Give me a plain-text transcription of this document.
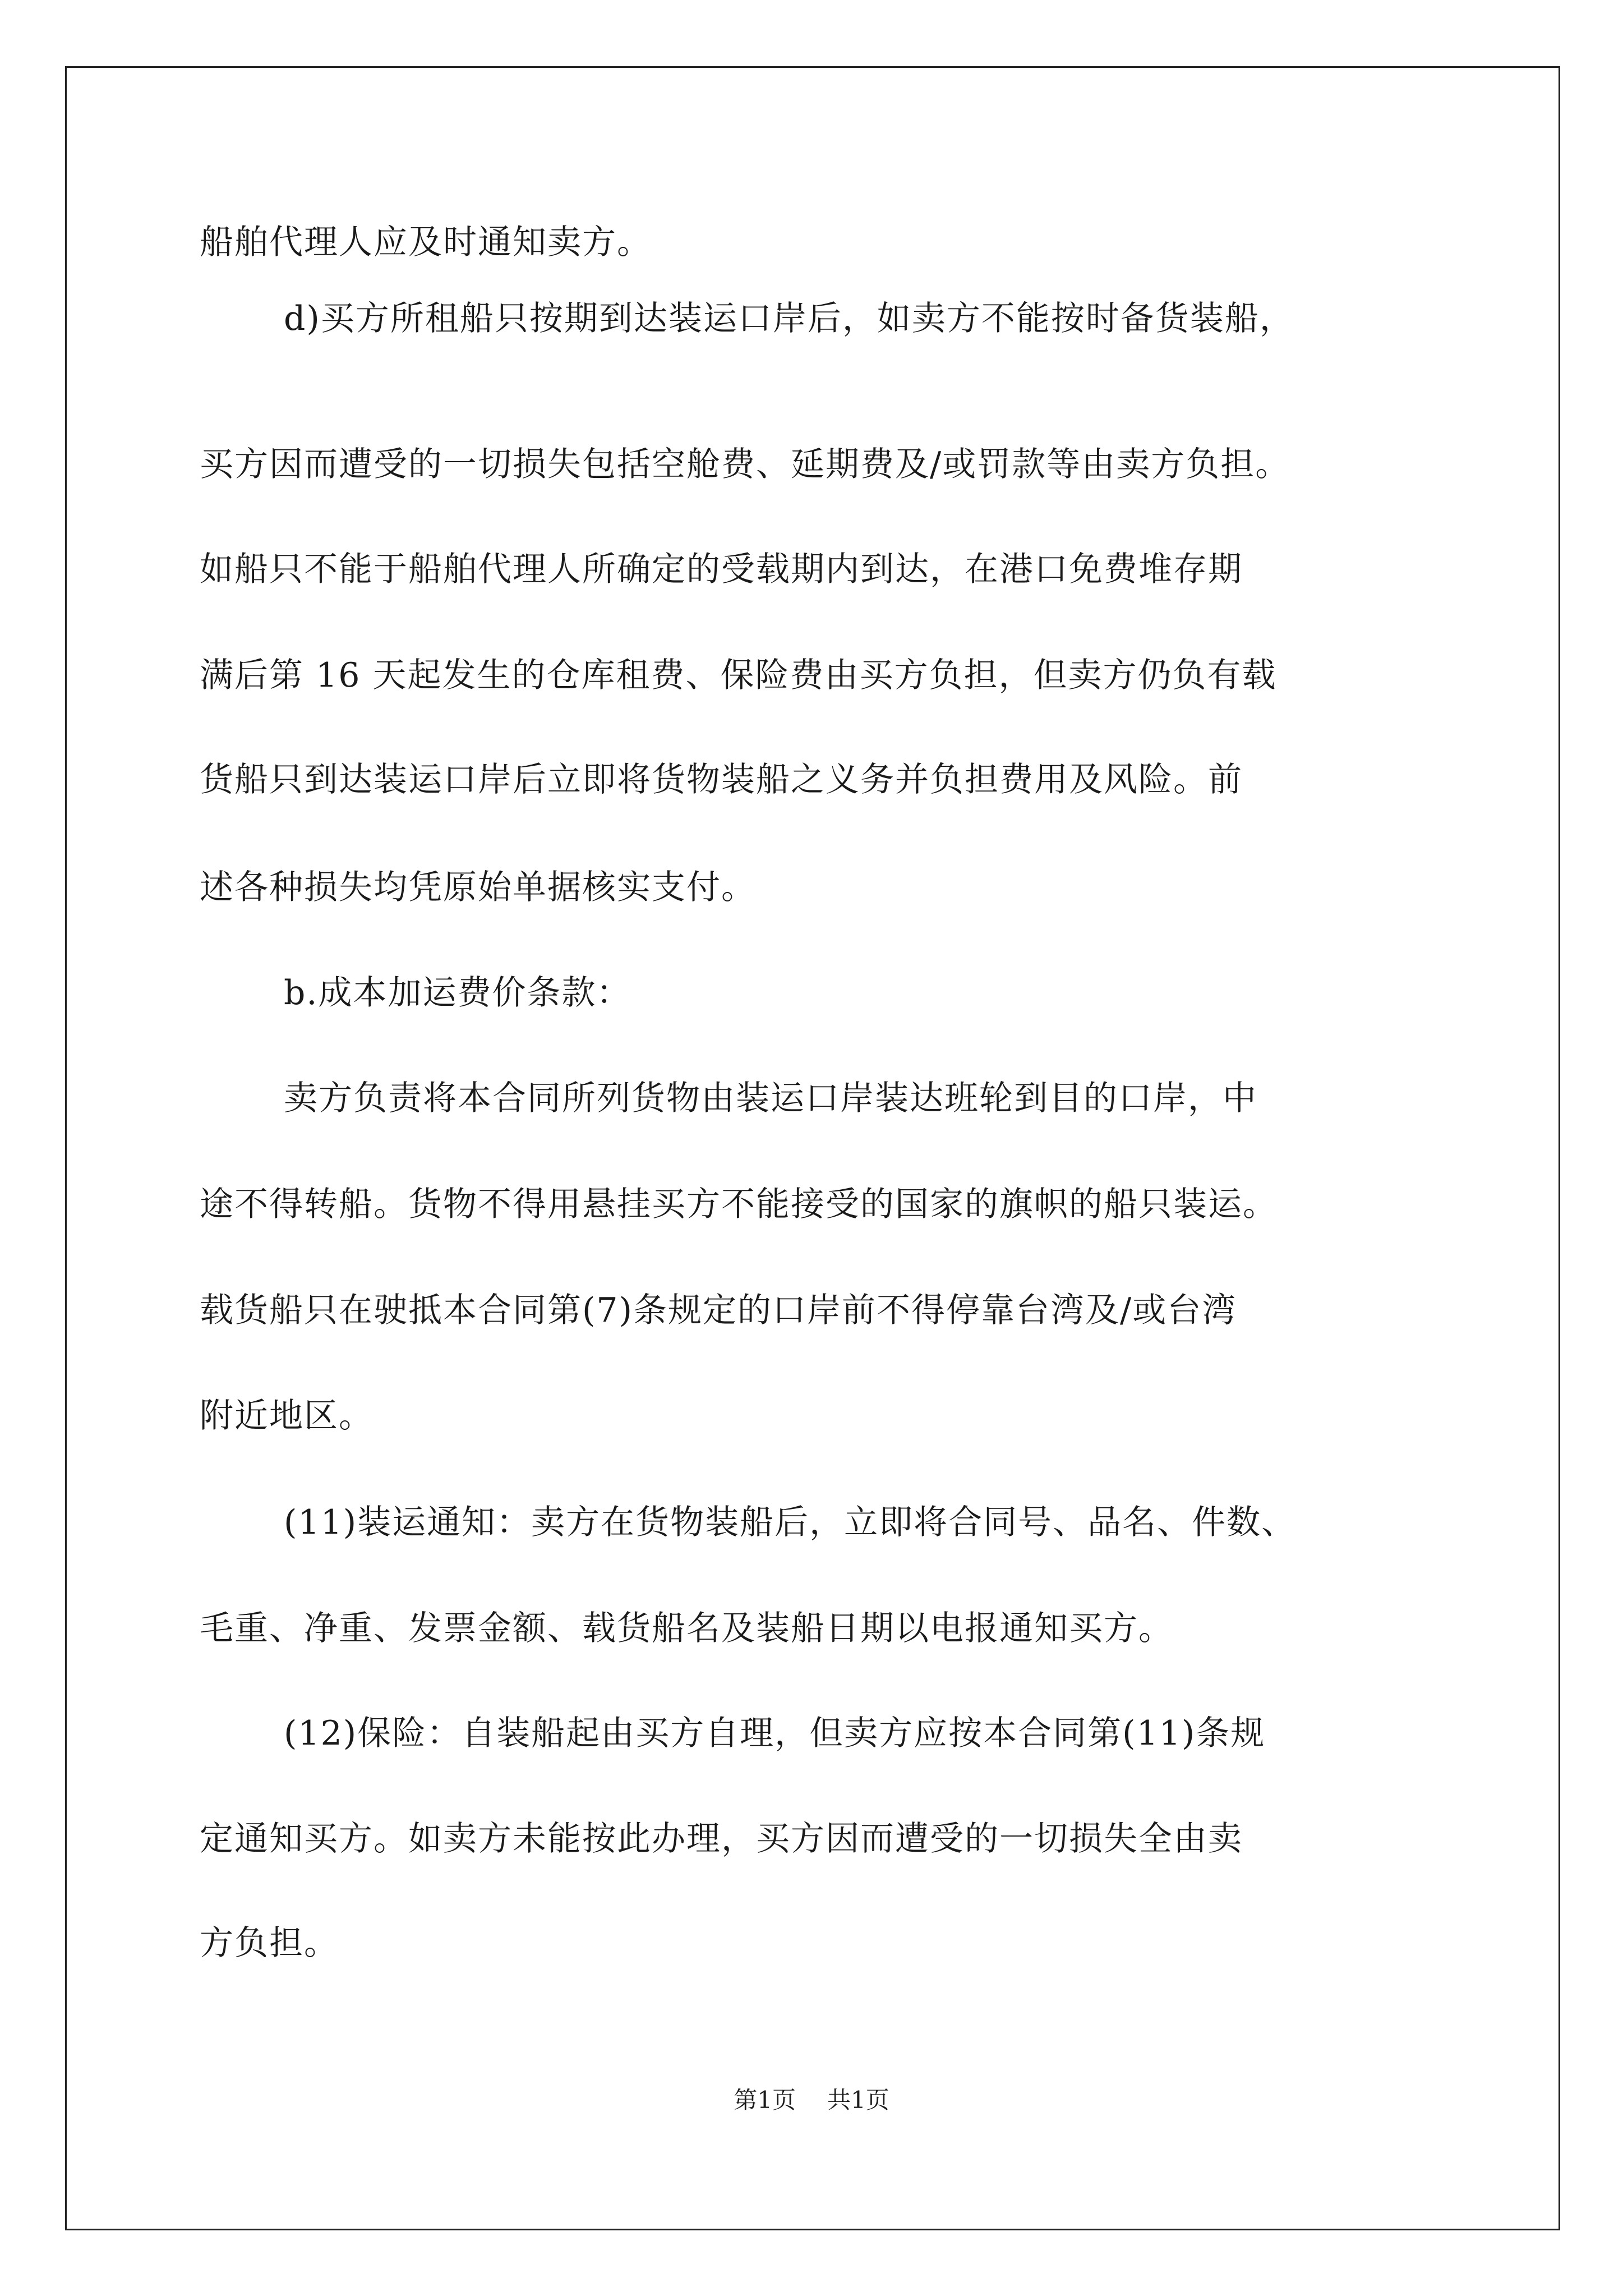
船舶代理人应及时通知卖方。
d)买方所租船只按期到达装运口岸后，如卖方不能按时备货装船，
买方因而遭受的一切损失包括空舱费、延期费及/或罚款等由卖方负担。
如船只不能于船舶代理人所确定的受载期内到达，在港口免费堆存期
满后第 16 天起发生的仓库租费、保险费由买方负担，但卖方仍负有载
货船只到达装运口岸后立即将货物装船之义务并负担费用及风险。前
述各种损失均凭原始单据核实支付。
b.成本加运费价条款：
卖方负责将本合同所列货物由装运口岸装达班轮到目的口岸，中
途不得转船。货物不得用悬挂买方不能接受的国家的旗帜的船只装运。
载货船只在驶抵本合同第(7)条规定的口岸前不得停靠台湾及/或台湾
附近地区。
(11)装运通知：卖方在货物装船后，立即将合同号、品名、件数、
毛重、净重、发票金额、载货船名及装船日期以电报通知买方。
(12)保险：自装船起由买方自理，但卖方应按本合同第(11)条规
定通知买方。如卖方未能按此办理，买方因而遭受的一切损失全由卖
方负担。
第1页 共1页
